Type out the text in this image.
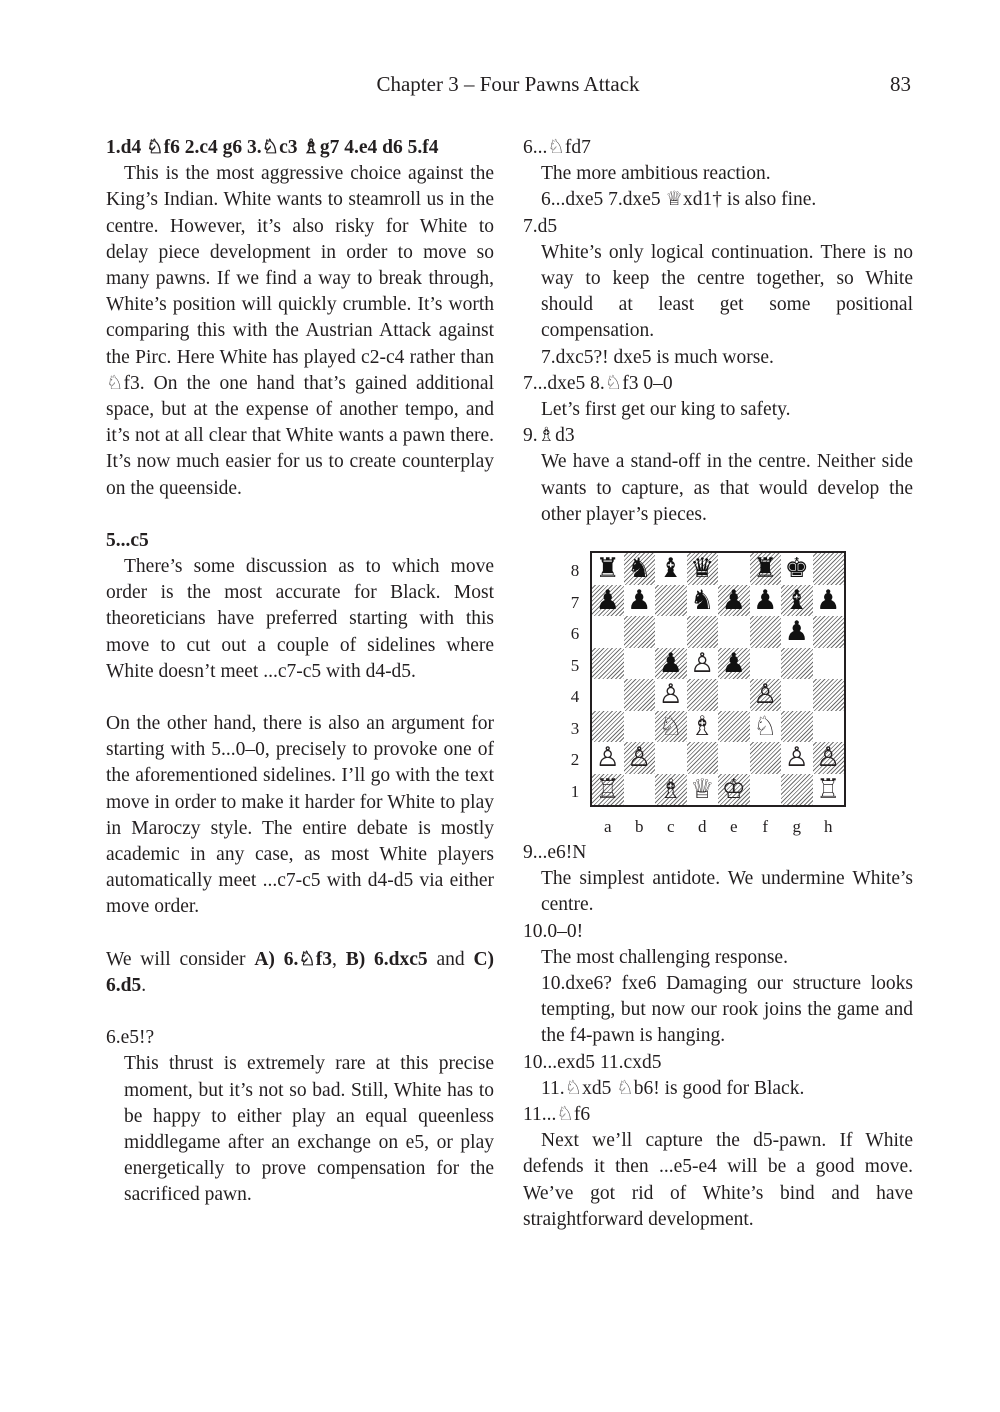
Chapter 3 – Four Pawns Attack	83

1.d4 ♘f6 2.c4 g6 3.♘c3 ♗g7 4.e4 d6 5.f4

This is the most aggressive choice against the King’s Indian. White wants to steamroll us in the centre. However, it’s also risky for White to delay piece development in order to move so many pawns. If we find a way to break through, White’s position will quickly crumble. It’s worth comparing this with the Austrian Attack against the Pirc. Here White has played c2-c4 rather than ♘f3. On the one hand that’s gained additional space, but at the expense of another tempo, and it’s not at all clear that White wants a pawn there. It’s now much easier for us to create counterplay on the queenside.

5...c5

There’s some discussion as to which move order is the most accurate for Black. Most theoreticians have preferred starting with this move to cut out a couple of sidelines where White doesn’t meet ...c7-c5 with d4-d5.

On the other hand, there is also an argument for starting with 5...0–0, precisely to provoke one of the aforementioned sidelines. I’ll go with the text move in order to make it harder for White to play in Maroczy style. The entire debate is mostly academic in any case, as most White players automatically meet ...c7-c5 with d4-d5 via either move order.

We will consider A) 6.♘f3, B) 6.dxc5 and C) 6.d5.

6.e5!?

This thrust is extremely rare at this precise moment, but it’s not so bad. Still, White has to be happy to either play an equal queenless middlegame after an exchange on e5, or play energetically to prove compensation for the sacrificed pawn.

6...♘fd7

The more ambitious reaction.

6...dxe5 7.dxe5 ♕xd1† is also fine.

7.d5

White’s only logical continuation. There is no way to keep the centre together, so White should at least get some positional compensation.

7.dxc5?! dxe5 is much worse.

7...dxe5 8.♘f3 0–0

Let’s first get our king to safety.

9.♗d3

We have a stand-off in the centre. Neither side wants to capture, as that would develop the other player’s pieces.

♜ ♞ ♝ ♛ ♜ ♚
♟ ♟ ♞ ♟ ♟ ♝ ♟
♟
♟ ♙ ♟
♙	♙
♘ ♗ ♘
♙ ♙	♙ ♙
♖ ♗ ♕ ♔	♖
8
7
6
5
4
3
2
1
a	b	c	d	e	f	g	h

9...e6!N

The simplest antidote. We undermine White’s centre.

10.0–0!

The most challenging response.

10.dxe6? fxe6 Damaging our structure looks tempting, but now our rook joins the game and the f4-pawn is hanging.

10...exd5 11.cxd5

11.♘xd5 ♘b6! is good for Black.

11...♘f6

Next we’ll capture the d5-pawn. If White defends it then ...e5-e4 will be a good move. We’ve got rid of White’s bind and have straightforward development.
